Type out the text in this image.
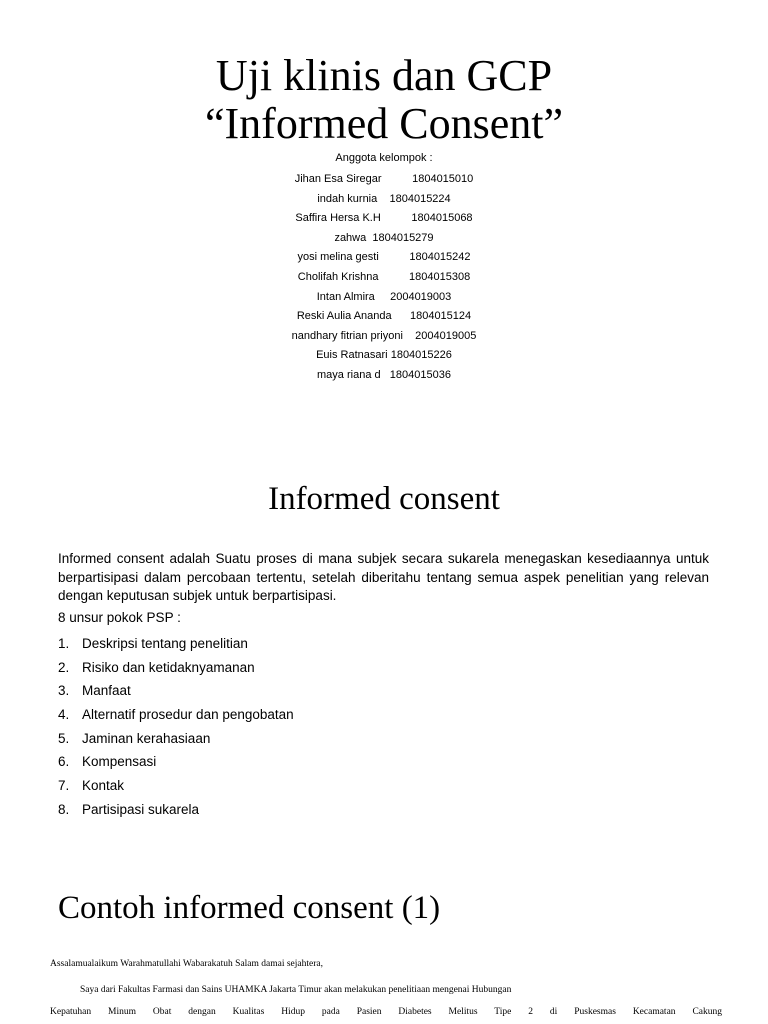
Uji klinis dan GCP
“Informed Consent”
Anggota kelompok :
Jihan Esa Siregar	1804015010
indah kurnia 1804015224
Saffira Hersa K.H	1804015068
zahwa 1804015279
yosi melina gesti	1804015242
Cholifah Krishna	1804015308
Intan Almira 2004019003
Reski Aulia Ananda 1804015124
nandhary fitrian priyoni 2004019005
Euis Ratnasari 1804015226
maya riana d 1804015036
Informed consent

Informed consent adalah Suatu proses di mana subjek secara sukarela menegaskan kesediaannya untuk berpartisipasi dalam percobaan tertentu, setelah diberitahu tentang semua aspek penelitian yang relevan dengan keputusan subjek untuk berpartisipasi.

8 unsur pokok PSP :

1. Deskripsi tentang penelitian
2. Risiko dan ketidaknyamanan
3. Manfaat
4. Alternatif prosedur dan pengobatan
5. Jaminan kerahasiaan
6. Kompensasi
7. Kontak
8. Partisipasi sukarela
Contoh informed consent (1)

Assalamualaikum Warahmatullahi Wabarakatuh Salam damai sejahtera,

Saya dari Fakultas Farmasi dan Sains UHAMKA Jakarta Timur akan melakukan penelitiaan mengenai Hubungan

Kepatuhan Minum Obat dengan Kualitas Hidup pada Pasien Diabetes Melitus Tipe 2 di Puskesmas Kecamatan Cakung
